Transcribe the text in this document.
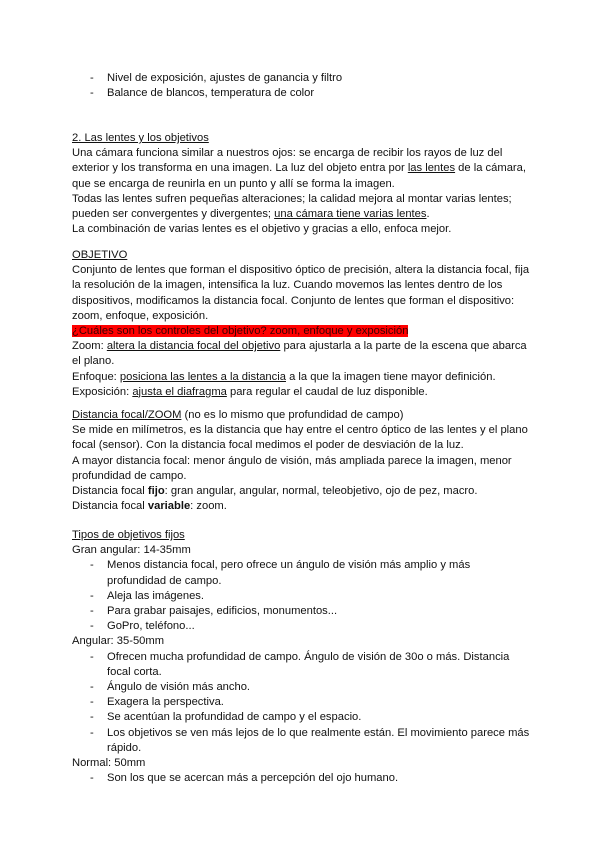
- Nivel de exposición, ajustes de ganancia y filtro
- Balance de blancos, temperatura de color

2. Las lentes y los objetivos

Una cámara funciona similar a nuestros ojos: se encarga de recibir los rayos de luz del exterior y los transforma en una imagen. La luz del objeto entra por las lentes de la cámara, que se encarga de reunirla en un punto y allí se forma la imagen.

Todas las lentes sufren pequeñas alteraciones; la calidad mejora al montar varias lentes; pueden ser convergentes y divergentes; una cámara tiene varias lentes.

La combinación de varias lentes es el objetivo y gracias a ello, enfoca mejor.

OBJETIVO

Conjunto de lentes que forman el dispositivo óptico de precisión, altera la distancia focal, fija la resolución de la imagen, intensifica la luz. Cuando movemos las lentes dentro de los dispositivos, modificamos la distancia focal. Conjunto de lentes que forman el dispositivo: zoom, enfoque, exposición.

¿Cuáles son los controles del objetivo? zoom, enfoque y exposición

Zoom: altera la distancia focal del objetivo para ajustarla a la parte de la escena que abarca el plano.

Enfoque: posiciona las lentes a la distancia a la que la imagen tiene mayor definición.

Exposición: ajusta el diafragma para regular el caudal de luz disponible.

Distancia focal/ZOOM (no es lo mismo que profundidad de campo)

Se mide en milímetros, es la distancia que hay entre el centro óptico de las lentes y el plano focal (sensor). Con la distancia focal medimos el poder de desviación de la luz.

A mayor distancia focal: menor ángulo de visión, más ampliada parece la imagen, menor profundidad de campo.

Distancia focal fijo: gran angular, angular, normal, teleobjetivo, ojo de pez, macro.

Distancia focal variable: zoom.

Tipos de objetivos fijos

Gran angular: 14-35mm

- Menos distancia focal, pero ofrece un ángulo de visión más amplio y más profundidad de campo.
- Aleja las imágenes.
- Para grabar paisajes, edificios, monumentos...
- GoPro, teléfono...

Angular: 35-50mm

- Ofrecen mucha profundidad de campo. Ángulo de visión de 30o o más. Distancia focal corta.
- Ángulo de visión más ancho.
- Exagera la perspectiva.
- Se acentúan la profundidad de campo y el espacio.
- Los objetivos se ven más lejos de lo que realmente están. El movimiento parece más rápido.

Normal: 50mm

- Son los que se acercan más a percepción del ojo humano.
